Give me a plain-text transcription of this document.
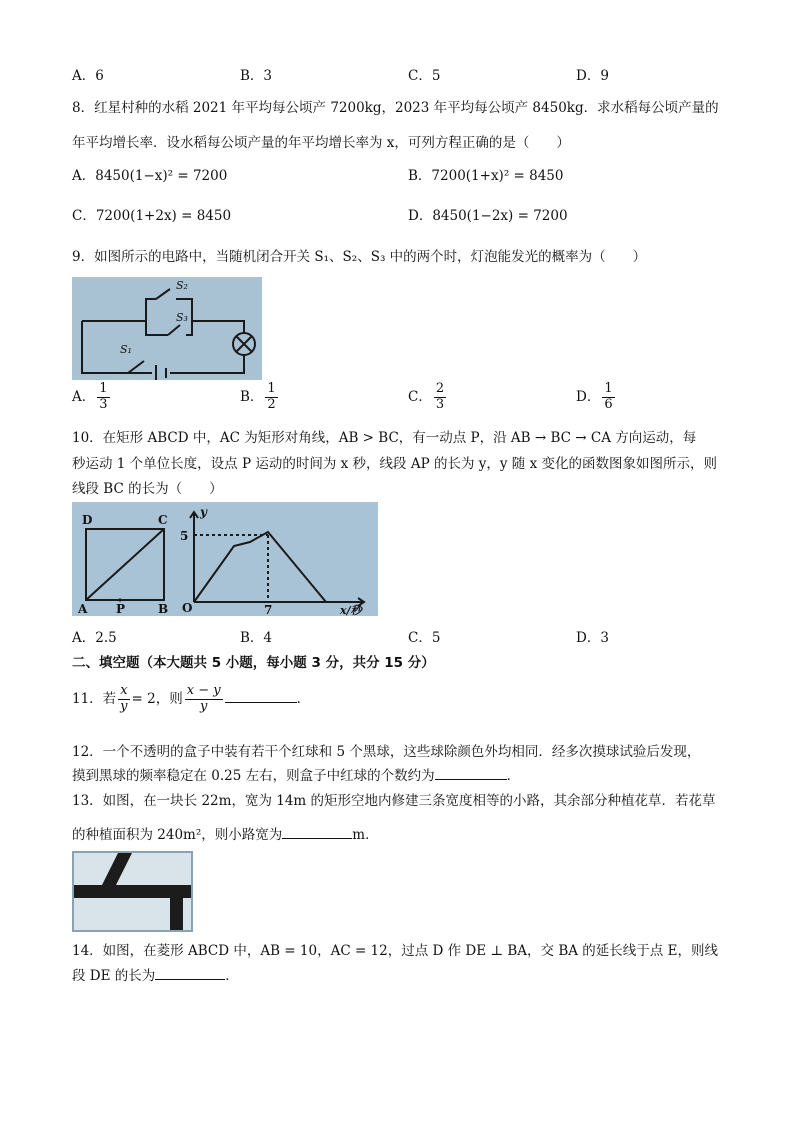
A．6	B．3	C．5	D．9
8．红星村种的水稻 2021 年平均每公顷产 7200kg，2023 年平均每公顷产 8450kg．求水稻每公顷产量的
年平均增长率．设水稻每公顷产量的年平均增长率为 x，可列方程正确的是（　　）
A．8450(1−x)² = 7200	B．7200(1+x)² = 8450
C．7200(1+2x) = 8450	D．8450(1−2x) = 7200
9．如图所示的电路中，当随机闭合开关 S₁、S₂、S₃ 中的两个时，灯泡能发光的概率为（　　）
S₂
S₃
S₁
A． $\frac{1}{3}$	B． $\frac{1}{2}$	C． $\frac{2}{3}$	D． $\frac{1}{6}$
10．在矩形 ABCD 中，AC 为矩形对角线，AB > BC，有一动点 P，沿 AB → BC → CA 方向运动，每
秒运动 1 个单位长度，设点 P 运动的时间为 x 秒，线段 AP 的长为 y，y 随 x 变化的函数图象如图所示，则
线段 BC 的长为（　　）
D	C
A P	B
y
5
O	7	x/秒
A．2.5	B．4	C．5	D．3
二、填空题（本大题共 5 小题，每小题 3 分，共分 15 分）
11．若 $\frac{x}{y} = 2$，则 $\frac{x - y}{y}$	．
12．一个不透明的盒子中装有若干个红球和 5 个黑球，这些球除颜色外均相同．经多次摸球试验后发现，
摸到黑球的频率稳定在 0.25 左右，则盒子中红球的个数约为	．
13．如图，在一块长 22m，宽为 14m 的矩形空地内修建三条宽度相等的小路，其余部分种植花草．若花草
的种植面积为 240m²，则小路宽为	m．
14．如图，在菱形 ABCD 中，AB = 10，AC = 12，过点 D 作 DE ⊥ BA，交 BA 的延长线于点 E，则线
段 DE 的长为	．
